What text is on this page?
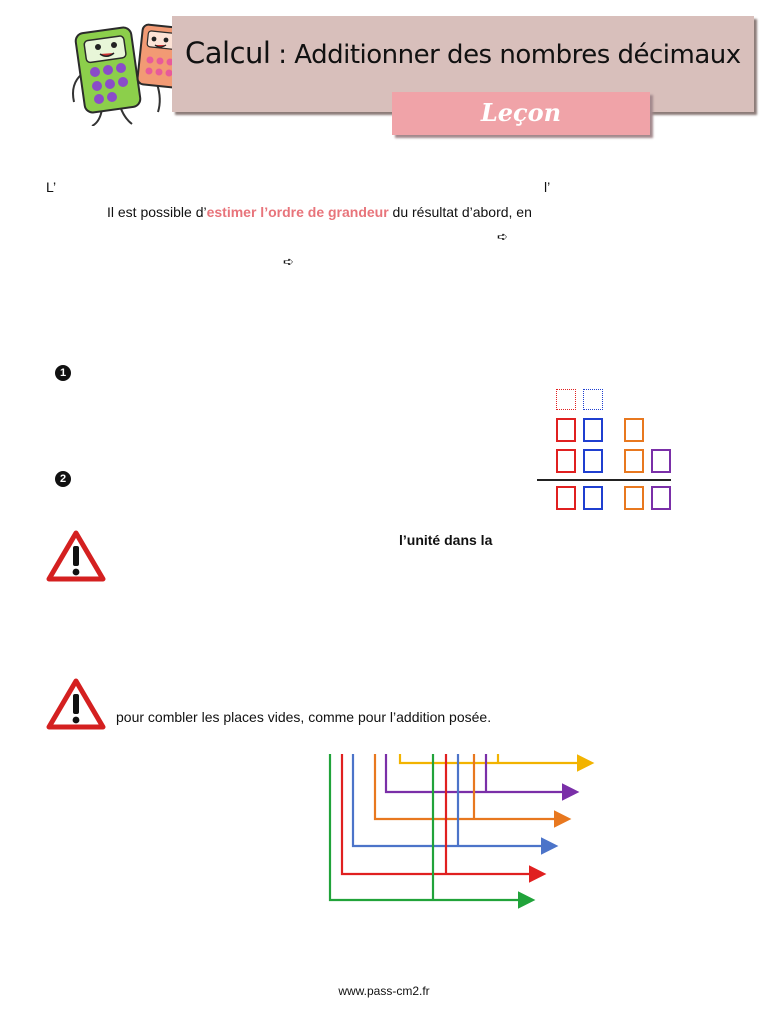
Calcul : Additionner des nombres décimaux
Leçon
L’	l’
Il est possible d’estimer l’ordre de grandeur du résultat d’abord, en
➪
➪
1
2
l’unité dans la
pour combler les places vides, comme pour l’addition posée.
www.pass-cm2.fr
